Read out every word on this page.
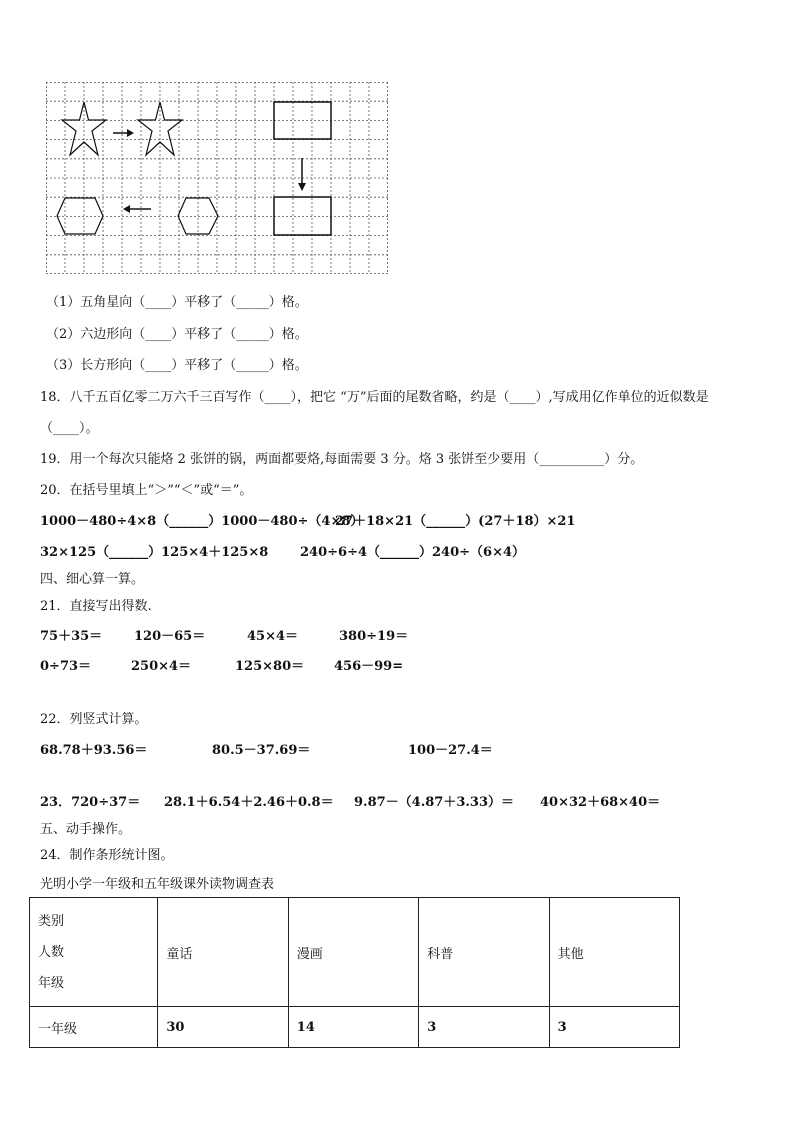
（1）五角星向（____）平移了（_____）格。
（2）六边形向（____）平移了（_____）格。
（3）长方形向（____）平移了（_____）格。
18．八千五百亿零二万六千三百写作（____），把它 “万”后面的尾数省略，约是（____）,写成用亿作单位的近似数是
（____）。
19．用一个每次只能烙 2 张饼的锅，两面都要烙,每面需要 3 分。烙 3 张饼至少要用（__________）分。
20．在括号里填上“＞”“＜”或“＝”。
1000－480÷4×8（______）1000－480÷（4×8）
27＋18×21（______）(27＋18）×21
32×125（______）125×4＋125×8 240÷6÷4（______）240÷（6×4）
四、细心算一算。
21．直接写出得数.
75＋35＝ 120－65＝	45×4＝	380÷19＝
0÷73＝	250×4＝	125×80＝ 456－99=
22．列竖式计算。
68.78＋93.56＝	80.5－37.69＝	100－27.4＝
23．720÷37＝ 28.1＋6.54＋2.46＋0.8＝ 9.87－（4.87＋3.33）＝ 40×32＋68×40＝
五、动手操作。
24．制作条形统计图。
光明小学一年级和五年级课外读物调查表
类别
人数
年级	童话	漫画	科普	其他
一年级	30	14	3	3
